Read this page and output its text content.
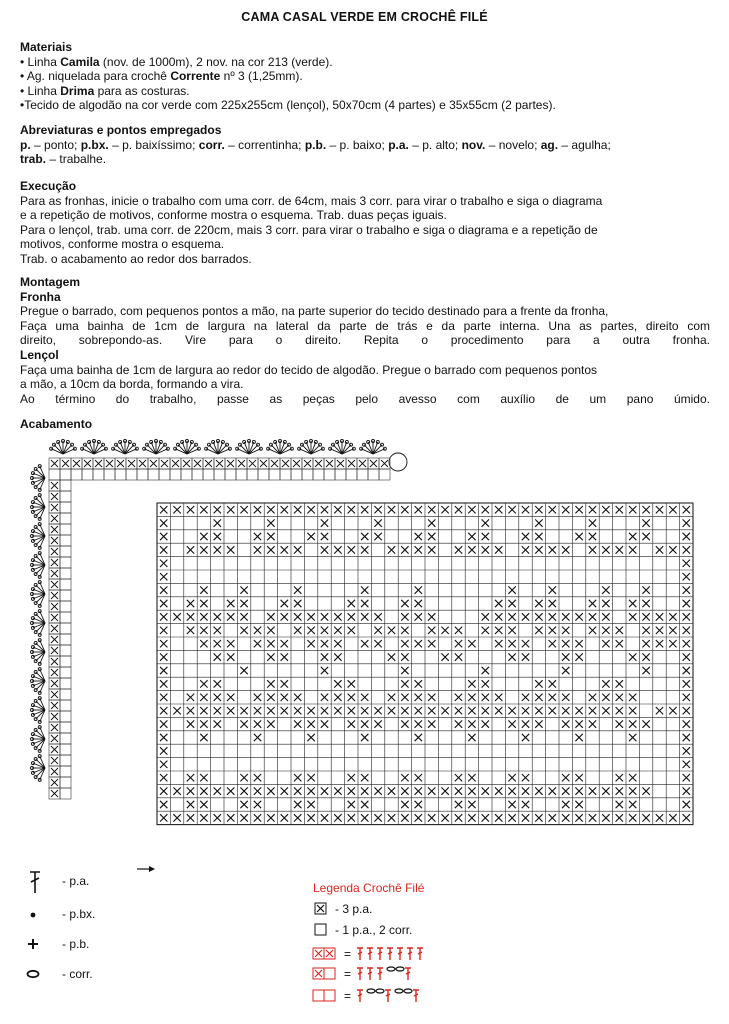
CAMA CASAL VERDE EM CROCHÊ FILÉ

Materiais

• Linha Camila (nov. de 1000m), 2 nov. na cor 213 (verde).

• Ag. niquelada para crochê Corrente nº 3 (1,25mm).

• Linha Drima para as costuras.

•Tecido de algodão na cor verde com 225x255cm (lençol), 50x70cm (4 partes) e 35x55cm (2 partes).

Abreviaturas e pontos empregados

p. – ponto; p.bx. – p. baixíssimo; corr. – correntinha; p.b. – p. baixo; p.a. – p. alto; nov. – novelo; ag. – agulha;
trab. – trabalhe.

Execução

Para as fronhas, inicie o trabalho com uma corr. de 64cm, mais 3 corr. para virar o trabalho e siga o diagrama

e a repetição de motivos, conforme mostra o esquema. Trab. duas peças iguais.

Para o lençol, trab. uma corr. de 220cm, mais 3 corr. para virar o trabalho e siga o diagrama e a repetição de

motivos, conforme mostra o esquema.

Trab. o acabamento ao redor dos barrados.

Montagem

Fronha

Pregue o barrado, com pequenos pontos a mão, na parte superior do tecido destinado para a frente da fronha,

Faça uma bainha de 1cm de largura na lateral da parte de trás e da parte interna. Una as partes, direito com

direito, sobrepondo-as. Vire para o direito. Repita o procedimento para a outra fronha.

Lençol

Faça uma bainha de 1cm de largura ao redor do tecido de algodão. Pregue o barrado com pequenos pontos

a mão, a 10cm da borda, formando a vira.

Ao término do trabalho, passe as peças pelo avesso com auxílio de um pano úmido.

Acabamento
- p.a.
- p.bx.
- p.b.
- corr.
Legenda Crochê Filé
- 3 p.a.
- 1 p.a., 2 corr.
=
=
=
